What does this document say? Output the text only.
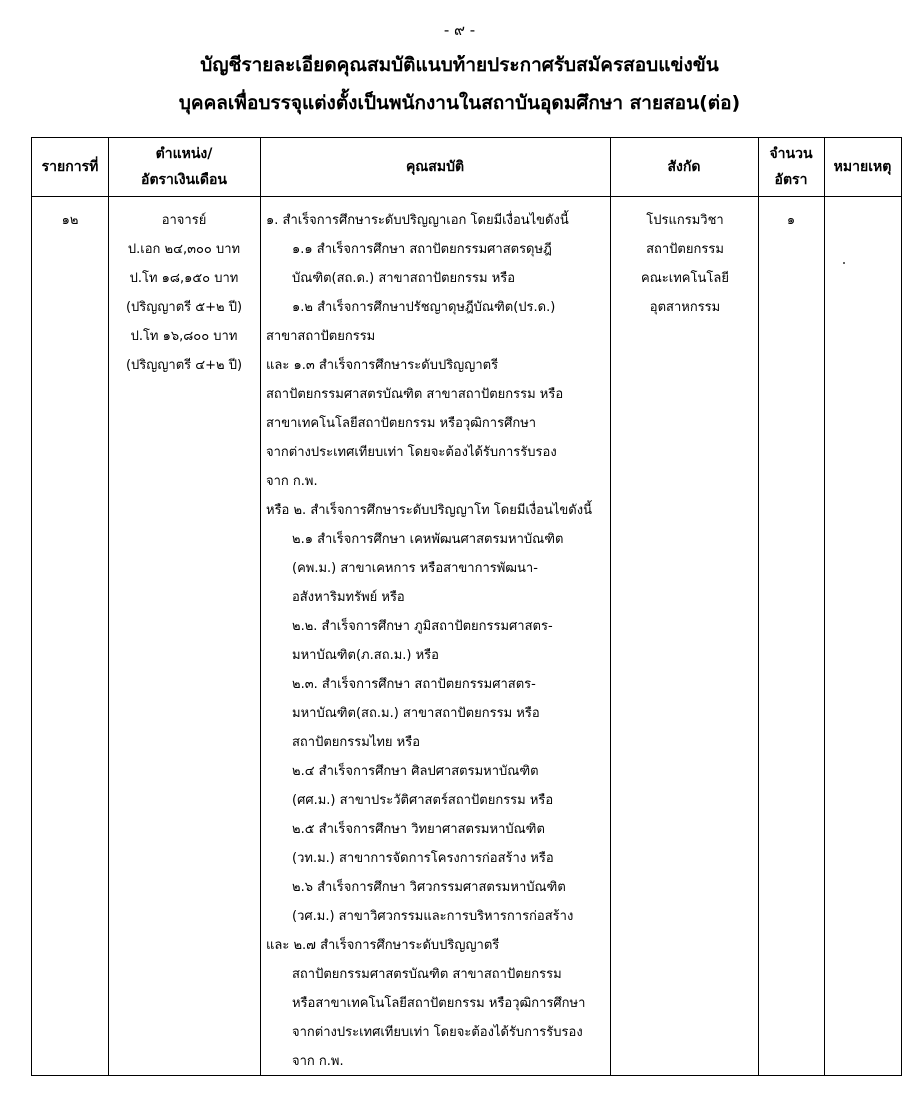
- ๙ -
บัญชีรายละเอียดคุณสมบัติแนบท้ายประกาศรับสมัครสอบแข่งขัน
บุคคลเพื่อบรรจุแต่งตั้งเป็นพนักงานในสถาบันอุดมศึกษา สายสอน(ต่อ)
รายการที่
ตำแหน่ง/
อัตราเงินเดือน
คุณสมบัติ	สังกัด
จำนวน
อัตรา
หมายเหตุ
๑๒	อาจารย์
ป.เอก ๒๔,๓๐๐ บาท
ป.โท ๑๘,๑๕๐ บาท
(ปริญญาตรี ๕+๒ ปี)
ป.โท ๑๖,๘๐๐ บาท
(ปริญญาตรี ๔+๒ ปี)
๑. สำเร็จการศึกษาระดับปริญญาเอก โดยมีเงื่อนไขดังนี้
๑.๑ สำเร็จการศึกษา สถาปัตยกรรมศาสตรดุษฎี
บัณฑิต(สถ.ด.) สาขาสถาปัตยกรรม หรือ
๑.๒ สำเร็จการศึกษาปรัชญาดุษฎีบัณฑิต(ปร.ด.)
สาขาสถาปัตยกรรม
และ ๑.๓ สำเร็จการศึกษาระดับปริญญาตรี
สถาปัตยกรรมศาสตรบัณฑิต สาขาสถาปัตยกรรม หรือ
สาขาเทคโนโลยีสถาปัตยกรรม หรือวุฒิการศึกษา
จากต่างประเทศเทียบเท่า โดยจะต้องได้รับการรับรอง
จาก ก.พ.
หรือ ๒. สำเร็จการศึกษาระดับปริญญาโท โดยมีเงื่อนไขดังนี้
๒.๑ สำเร็จการศึกษา เคหพัฒนศาสตรมหาบัณฑิต
(คพ.ม.) สาขาเคหการ หรือสาขาการพัฒนา-
อสังหาริมทรัพย์ หรือ
๒.๒. สำเร็จการศึกษา ภูมิสถาปัตยกรรมศาสตร-
มหาบัณฑิต(ภ.สถ.ม.) หรือ
๒.๓. สำเร็จการศึกษา สถาปัตยกรรมศาสตร-
มหาบัณฑิต(สถ.ม.) สาขาสถาปัตยกรรม หรือ
สถาปัตยกรรมไทย หรือ
๒.๔ สำเร็จการศึกษา ศิลปศาสตรมหาบัณฑิต
(ศศ.ม.) สาขาประวัติศาสตร์สถาปัตยกรรม หรือ
๒.๕ สำเร็จการศึกษา วิทยาศาสตรมหาบัณฑิต
(วท.ม.) สาขาการจัดการโครงการก่อสร้าง หรือ
๒.๖ สำเร็จการศึกษา วิศวกรรมศาสตรมหาบัณฑิต
(วศ.ม.) สาขาวิศวกรรมและการบริหารการก่อสร้าง
และ ๒.๗ สำเร็จการศึกษาระดับปริญญาตรี
สถาปัตยกรรมศาสตรบัณฑิต สาขาสถาปัตยกรรม
หรือสาขาเทคโนโลยีสถาปัตยกรรม หรือวุฒิการศึกษา
จากต่างประเทศเทียบเท่า โดยจะต้องได้รับการรับรอง
จาก ก.พ.
โปรแกรมวิชา
สถาปัตยกรรม
คณะเทคโนโลยี
อุตสาหกรรม
๑
